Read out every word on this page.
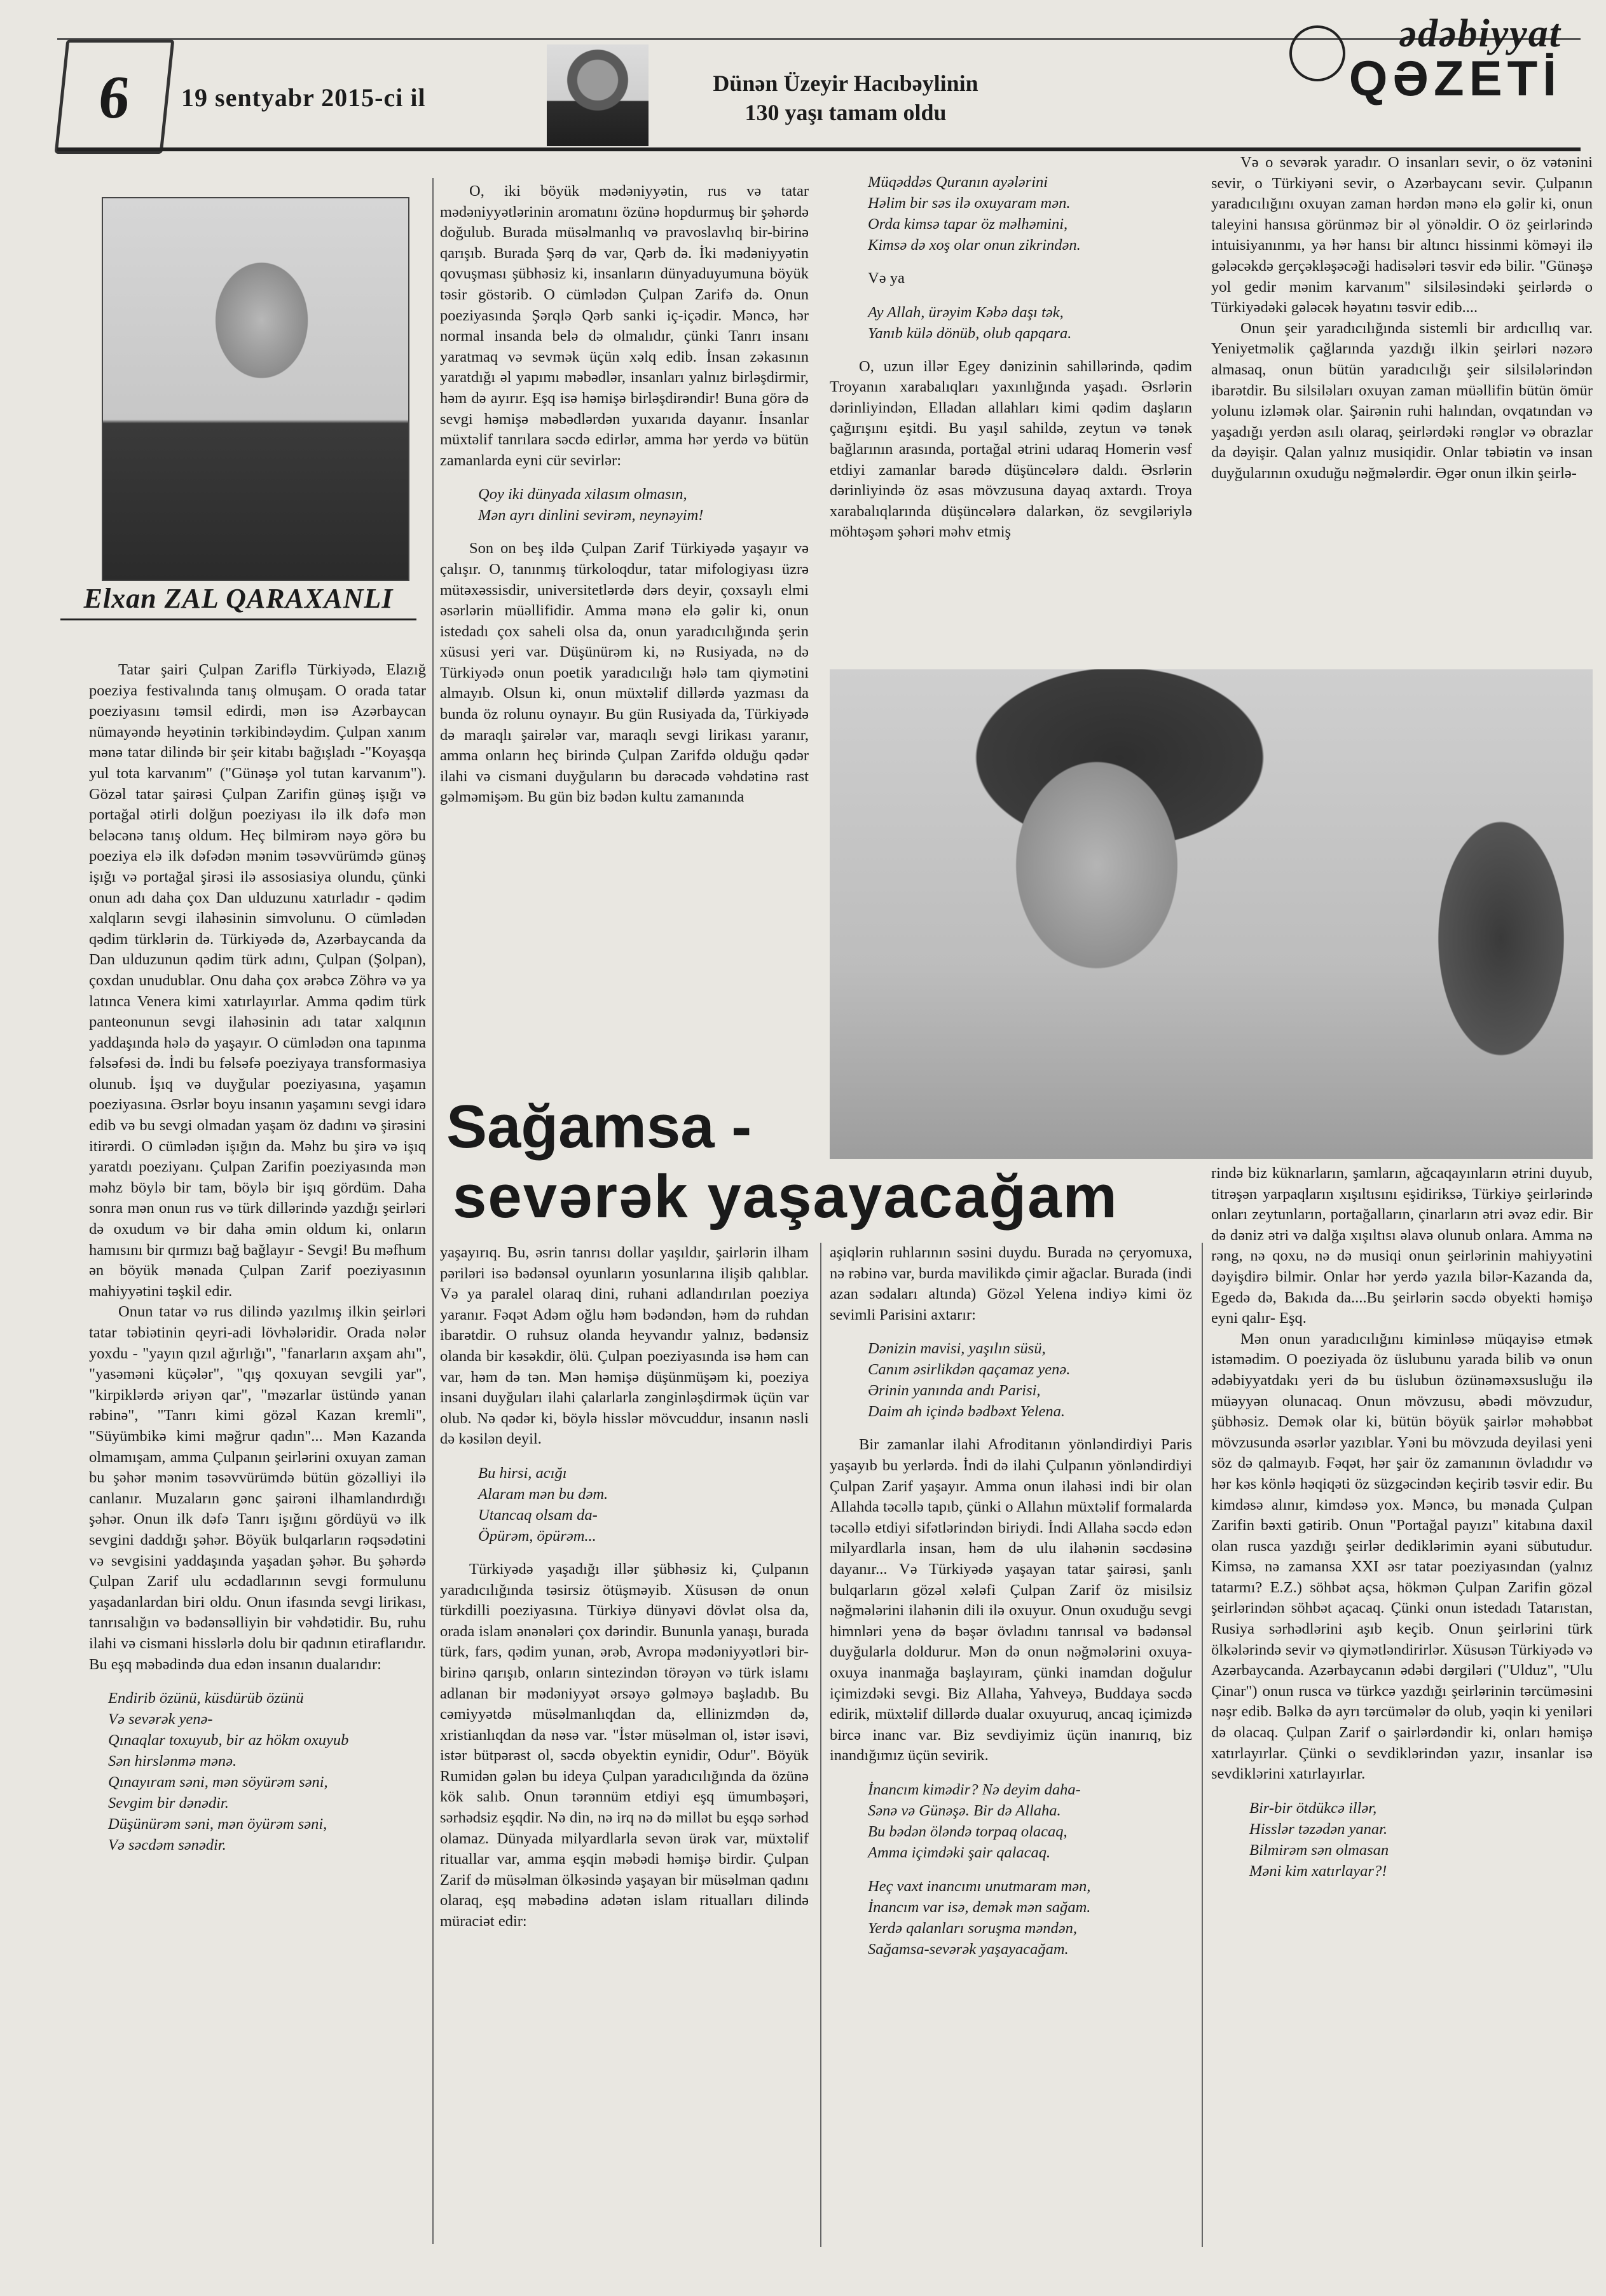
6	19 sentyabr 2015-ci il	Dünən Üzeyir Hacıbəylinin
130 yaşı tamam oldu
ədəbiyyat
QƏZETİ
Elxan ZAL QARAXANLI

Tatar şairi Çulpan Zariflə Türkiyədə, Elazığ poeziya festivalında tanış olmuşam. O orada tatar poeziyasını təmsil edirdi, mən isə Azərbaycan nümayəndə heyətinin tərkibindəydim. Çulpan xanım mənə tatar dilində bir şeir kitabı bağışladı -"Koyaşqa yul tota karvanım" ("Günəşə yol tutan karvanım"). Gözəl tatar şairəsi Çulpan Zarifin günəş işığı və portağal ətirli dolğun poeziyası ilə ilk dəfə mən beləcənə tanış oldum. Heç bilmirəm nəyə görə bu poeziya elə ilk dəfədən mənim təsəvvürümdə günəş işığı və portağal şirəsi ilə assosiasiya olundu, çünki onun adı daha çox Dan ulduzunu xatırladır - qədim xalqların sevgi ilahəsinin simvolunu. O cümlədən qədim türklərin də. Türkiyədə də, Azərbaycanda da Dan ulduzunun qədim türk adını, Çulpan (Şolpan), çoxdan unudublar. Onu daha çox ərəbcə Zöhrə və ya latınca Venera kimi xatırlayırlar. Amma qədim türk panteonunun sevgi ilahəsinin adı tatar xalqının yaddaşında hələ də yaşayır. O cümlədən ona tapınma fəlsəfəsi də. İndi bu fəlsəfə poeziyaya transformasiya olunub. İşıq və duyğular poeziyasına, yaşamın poeziyasına. Əsrlər boyu insanın yaşamını sevgi idarə edib və bu sevgi olmadan yaşam öz dadını və şirəsini itirərdi. O cümlədən işığın da. Məhz bu şirə və işıq yaratdı poeziyanı. Çulpan Zarifin poeziyasında mən məhz böylə bir tam, böylə bir işıq gördüm. Daha sonra mən onun rus və türk dillərində yazdığı şeirləri də oxudum və bir daha əmin oldum ki, onların hamısını bir qırmızı bağ bağlayır - Sevgi! Bu məfhum ən böyük mənada Çulpan Zarif poeziyasının mahiyyətini təşkil edir.

Onun tatar və rus dilində yazılmış ilkin şeirləri tatar təbiətinin qeyri-adi lövhələridir. Orada nələr yoxdu - "yayın qızıl ağırlığı", "fanarların axşam ahı", "yasəməni küçələr", "qış qoxuyan sevgili yar", "kirpiklərdə əriyən qar", "məzarlar üstündə yanan rəbinə", "Tanrı kimi gözəl Kazan kremli", "Süyümbikə kimi məğrur qadın"... Mən Kazanda olmamışam, amma Çulpanın şeirlərini oxuyan zaman bu şəhər mənim təsəvvürümdə bütün gözəlliyi ilə canlanır. Muzaların gənc şairəni ilhamlandırdığı şəhər. Onun ilk dəfə Tanrı işığını gördüyü və ilk sevgini daddığı şəhər. Böyük bulqarların rəqsədətini və sevgisini yaddaşında yaşadan şəhər. Bu şəhərdə Çulpan Zarif ulu əcdadlarının sevgi formulunu yaşadanlardan biri oldu. Onun ifasında sevgi lirikası, tanrısalığın və bədənsəlliyin bir vəhdətidir. Bu, ruhu ilahi və cismani hisslərlə dolu bir qadının etiraflarıdır. Bu eşq məbədində dua edən insanın dualarıdır:

Endirib özünü, küsdürüb özünü
Və sevərək yenə-
Qınaqlar toxuyub, bir az hökm oxuyub
Sən hirslənmə mənə.
Qınayıram səni, mən söyürəm səni,
Sevgim bir dənədir.
Düşünürəm səni, mən öyürəm səni,
Və səcdəm sənədir.

O, iki böyük mədəniyyətin, rus və tatar mədəniyyətlərinin aromatını özünə hopdurmuş bir şəhərdə doğulub. Burada müsəlmanlıq və pravoslavlıq bir-birinə qarışıb. Burada Şərq də var, Qərb də. İki mədəniyyətin qovuşması şübhəsiz ki, insanların dünyaduyumuna böyük təsir göstərib. O cümlədən Çulpan Zarifə də. Onun poeziyasında Şərqlə Qərb sanki iç-içədir. Məncə, hər normal insanda belə də olmalıdır, çünki Tanrı insanı yaratmaq və sevmək üçün xəlq edib. İnsan zəkasının yaratdığı əl yapımı məbədlər, insanları yalnız birləşdirmir, həm də ayırır. Eşq isə həmişə birləşdirəndir! Buna görə də sevgi həmişə məbədlərdən yuxarıda dayanır. İnsanlar müxtəlif tanrılara səcdə edirlər, amma hər yerdə və bütün zamanlarda eyni cür sevirlər:

Qoy iki dünyada xilasım olmasın,
Mən ayrı dinlini sevirəm, neynəyim!

Son on beş ildə Çulpan Zarif Türkiyədə yaşayır və çalışır. O, tanınmış türkoloqdur, tatar mifologiyası üzrə mütəxəssisdir, universitetlərdə dərs deyir, çoxsaylı elmi əsərlərin müəllifidir. Amma mənə elə gəlir ki, onun istedadı çox saheli olsa da, onun yaradıcılığında şerin xüsusi yeri var. Düşünürəm ki, nə Rusiyada, nə də Türkiyədə onun poetik yaradıcılığı hələ tam qiymətini almayıb. Olsun ki, onun müxtəlif dillərdə yazması da bunda öz rolunu oynayır. Bu gün Rusiyada da, Türkiyədə də maraqlı şairələr var, maraqlı sevgi lirikası yaranır, amma onların heç birində Çulpan Zarifdə olduğu qədər ilahi və cismani duyğuların bu dərəcədə vəhdətinə rast gəlməmişəm. Bu gün biz bədən kultu zamanında

Müqəddəs Quranın ayələrini
Həlim bir səs ilə oxuyaram mən.
Orda kimsə tapar öz məlhəmini,
Kimsə də xoş olar onun zikrindən.
Və ya
Ay Allah, ürəyim Kəbə daşı tək,
Yanıb külə dönüb, olub qapqara.

O, uzun illər Egey dənizinin sahillərində, qədim Troyanın xarabalıqları yaxınlığında yaşadı. Əsrlərin dərinliyindən, Elladan allahları kimi qədim daşların çağırışını eşitdi. Bu yaşıl sahildə, zeytun və tənək bağlarının arasında, portağal ətrini udaraq Homerin vəsf etdiyi zamanlar barədə düşüncələrə daldı. Əsrlərin dərinliyində öz əsas mövzusuna dayaq axtardı. Troya xarabalıqlarında düşüncələrə dalarkən, öz sevgiləriylə möhtəşəm şəhəri məhv etmiş

Və o sevərək yaradır. O insanları sevir, o öz vətənini sevir, o Türkiyəni sevir, o Azərbaycanı sevir. Çulpanın yaradıcılığını oxuyan zaman hərdən mənə elə gəlir ki, onun taleyini hansısa görünməz bir əl yönəldir. O öz şeirlərində intuisiyanınmı, ya hər hansı bir altıncı hissinmi köməyi ilə gələcəkdə gerçəkləşəcəği hadisələri təsvir edə bilir. "Günəşə yol gedir mənim karvanım" silsiləsindəki şeirlərdə o Türkiyədəki gələcək həyatını təsvir edib....

Onun şeir yaradıcılığında sistemli bir ardıcıllıq var. Yeniyetməlik çağlarında yazdığı ilkin şeirləri nəzərə almasaq, onun bütün yaradıcılığı şeir silsilələrindən ibarətdir. Bu silsiləları oxuyan zaman müəllifin bütün ömür yolunu izləmək olar. Şairənin ruhi halından, ovqatından və yaşadığı yerdən asılı olaraq, şeirlərdəki rənglər və obrazlar da dəyişir. Qalan yalnız musiqidir. Onlar təbiətin və insan duyğularının oxuduğu nəğmələrdir. Əgər onun ilkin şeirlə-

Sağamsa -
sevərək yaşayacağam

yaşayırıq. Bu, əsrin tanrısı dollar yaşıldır, şairlərin ilham pəriləri isə bədənsəl oyunların yosunlarına ilişib qalıblar. Və ya paralel olaraq dini, ruhani adlandırılan poeziya yaranır. Fəqət Adəm oğlu həm bədəndən, həm də ruhdan ibarətdir. O ruhsuz olanda heyvandır yalnız, bədənsiz olanda bir kəsəkdir, ölü. Çulpan poeziyasında isə həm can var, həm də tən. Mən həmişə düşünmüşəm ki, poeziya insani duyğuları ilahi çalarlarla zənginləşdirmək üçün var olub. Nə qədər ki, böylə hisslər mövcuddur, insanın nəsli də kəsilən deyil.

Bu hirsi, acığı
Alaram mən bu dəm.
Utancaq olsam da-
Öpürəm, öpürəm...

Türkiyədə yaşadığı illər şübhəsiz ki, Çulpanın yaradıcılığında təsirsiz ötüşməyib. Xüsusən də onun türkdilli poeziyasına. Türkiyə dünyəvi dövlət olsa da, orada islam ənənələri çox dərindir. Bununla yanaşı, burada türk, fars, qədim yunan, ərəb, Avropa mədəniyyətləri bir-birinə qarışıb, onların sintezindən törəyən və türk islamı adlanan bir mədəniyyət ərsəyə gəlməyə başladıb. Bu cəmiyyətdə müsəlmanlıqdan da, ellinizmdən də, xristianlıqdan da nəsə var. "İstər müsəlman ol, istər isəvi, istər bütpərəst ol, səcdə obyektin eynidir, Odur". Böyük Rumidən gələn bu ideya Çulpan yaradıcılığında da özünə kök salıb. Onun tərənnüm etdiyi eşq ümumbəşəri, sərhədsiz eşqdir. Nə din, nə irq nə də millət bu eşqə sərhəd olamaz. Dünyada milyardlarla sevən ürək var, müxtəlif rituallar var, amma eşqin məbədi həmişə birdir. Çulpan Zarif də müsəlman ölkəsində yaşayan bir müsəlman qadını olaraq, eşq məbədinə adətən islam ritualları dilində müraciət edir:

aşiqlərin ruhlarının səsini duydu. Burada nə çeryomuxa, nə rəbinə var, burda mavilikdə çimir ağaclar. Burada (indi azan sədaları altında) Gözəl Yelena indiyə kimi öz sevimli Parisini axtarır:

Dənizin mavisi, yaşılın süsü,
Canım əsirlikdən qaçamaz yenə.
Ərinin yanında andı Parisi,
Daim ah içində bədbəxt Yelena.

Bir zamanlar ilahi Afroditanın yönləndirdiyi Paris yaşayıb bu yerlərdə. İndi də ilahi Çulpanın yönləndirdiyi Çulpan Zarif yaşayır. Amma onun ilahəsi indi bir olan Allahda təcəllə tapıb, çünki o Allahın müxtəlif formalarda təcəllə etdiyi sifətlərindən biriydi. İndi Allaha səcdə edən milyardlarla insan, həm də ulu ilahənin səcdəsinə dayanır... Və Türkiyədə yaşayan tatar şairəsi, şanlı bulqarların gözəl xələfi Çulpan Zarif öz misilsiz nəğmələrini ilahənin dili ilə oxuyur. Onun oxuduğu sevgi himnləri yenə də bəşər övladını tanrısal və bədənsəl duyğularla doldurur. Mən də onun nəğmələrini oxuya-oxuya inanmağa başlayıram, çünki inamdan doğulur içimizdəki sevgi. Biz Allaha, Yahveyə, Buddaya səcdə edirik, müxtəlif dillərdə dualar oxuyuruq, ancaq içimizdə bircə inanc var. Biz sevdiyimiz üçün inanırıq, biz inandığımız üçün sevirik.

İnancım kimədir? Nə deyim daha-
Sənə və Günəşə. Bir də Allaha.
Bu bədən öləndə torpaq olacaq,
Amma içimdəki şair qalacaq.
Heç vaxt inancımı unutmaram mən,
İnancım var isə, demək mən sağam.
Yerdə qalanları soruşma məndən,
Sağamsa-sevərək yaşayacağam.

rində biz küknarların, şamların, ağcaqayınların ətrini duyub, titrəşən yarpaqların xışıltısını eşidiriksə, Türkiyə şeirlərində onları zeytunların, portağalların, çinarların ətri əvəz edir. Bir də dəniz ətri və dalğa xışıltısı əlavə olunub onlara. Amma nə rəng, nə qoxu, nə də musiqi onun şeirlərinin mahiyyətini dəyişdirə bilmir. Onlar hər yerdə yazıla bilər-Kazanda da, Egedə də, Bakıda da....Bu şeirlərin səcdə obyekti həmişə eyni qalır- Eşq.

Mən onun yaradıcılığını kiminləsə müqayisə etmək istəmədim. O poeziyada öz üslubunu yarada bilib və onun ədəbiyyatdakı yeri də bu üslubun özünəməxsusluğu ilə müəyyən olunacaq. Onun mövzusu, əbədi mövzudur, şübhəsiz. Demək olar ki, bütün böyük şairlər məhəbbət mövzusunda əsərlər yazıblar. Yəni bu mövzuda deyilasi yeni söz də qalmayıb. Fəqət, hər şair öz zamanının övladıdır və hər kəs könlə həqiqəti öz süzgəcindən keçirib təsvir edir. Bu kimdəsə alınır, kimdəsə yox. Məncə, bu mənada Çulpan Zarifin bəxti gətirib. Onun "Portağal payızı" kitabına daxil olan rusca yazdığı şeirlər dediklərimin əyani sübutudur. Kimsə, nə zamansa XXI əsr tatar poeziyasından (yalnız tatarmı? E.Z.) söhbət açsa, hökmən Çulpan Zarifin gözəl şeirlərindən söhbət açacaq. Çünki onun istedadı Tatarıstan, Rusiya sərhədlərini aşıb keçib. Onun şeirlərini türk ölkələrində sevir və qiymətləndirirlər. Xüsusən Türkiyədə və Azərbaycanda. Azərbaycanın ədəbi dərgiləri ("Ulduz", "Ulu Çinar") onun rusca və türkcə yazdığı şeirlərinin tərcüməsini nəşr edib. Bəlkə də ayrı tərcümələr də olub, yəqin ki yeniləri də olacaq. Çulpan Zarif o şairlərdəndir ki, onları həmişə xatırlayırlar. Çünki o sevdiklərindən yazır, insanlar isə sevdiklərini xatırlayırlar.

Bir-bir ötdükcə illər,
Hisslər təzədən yanar.
Bilmirəm sən olmasan
Məni kim xatırlayar?!
